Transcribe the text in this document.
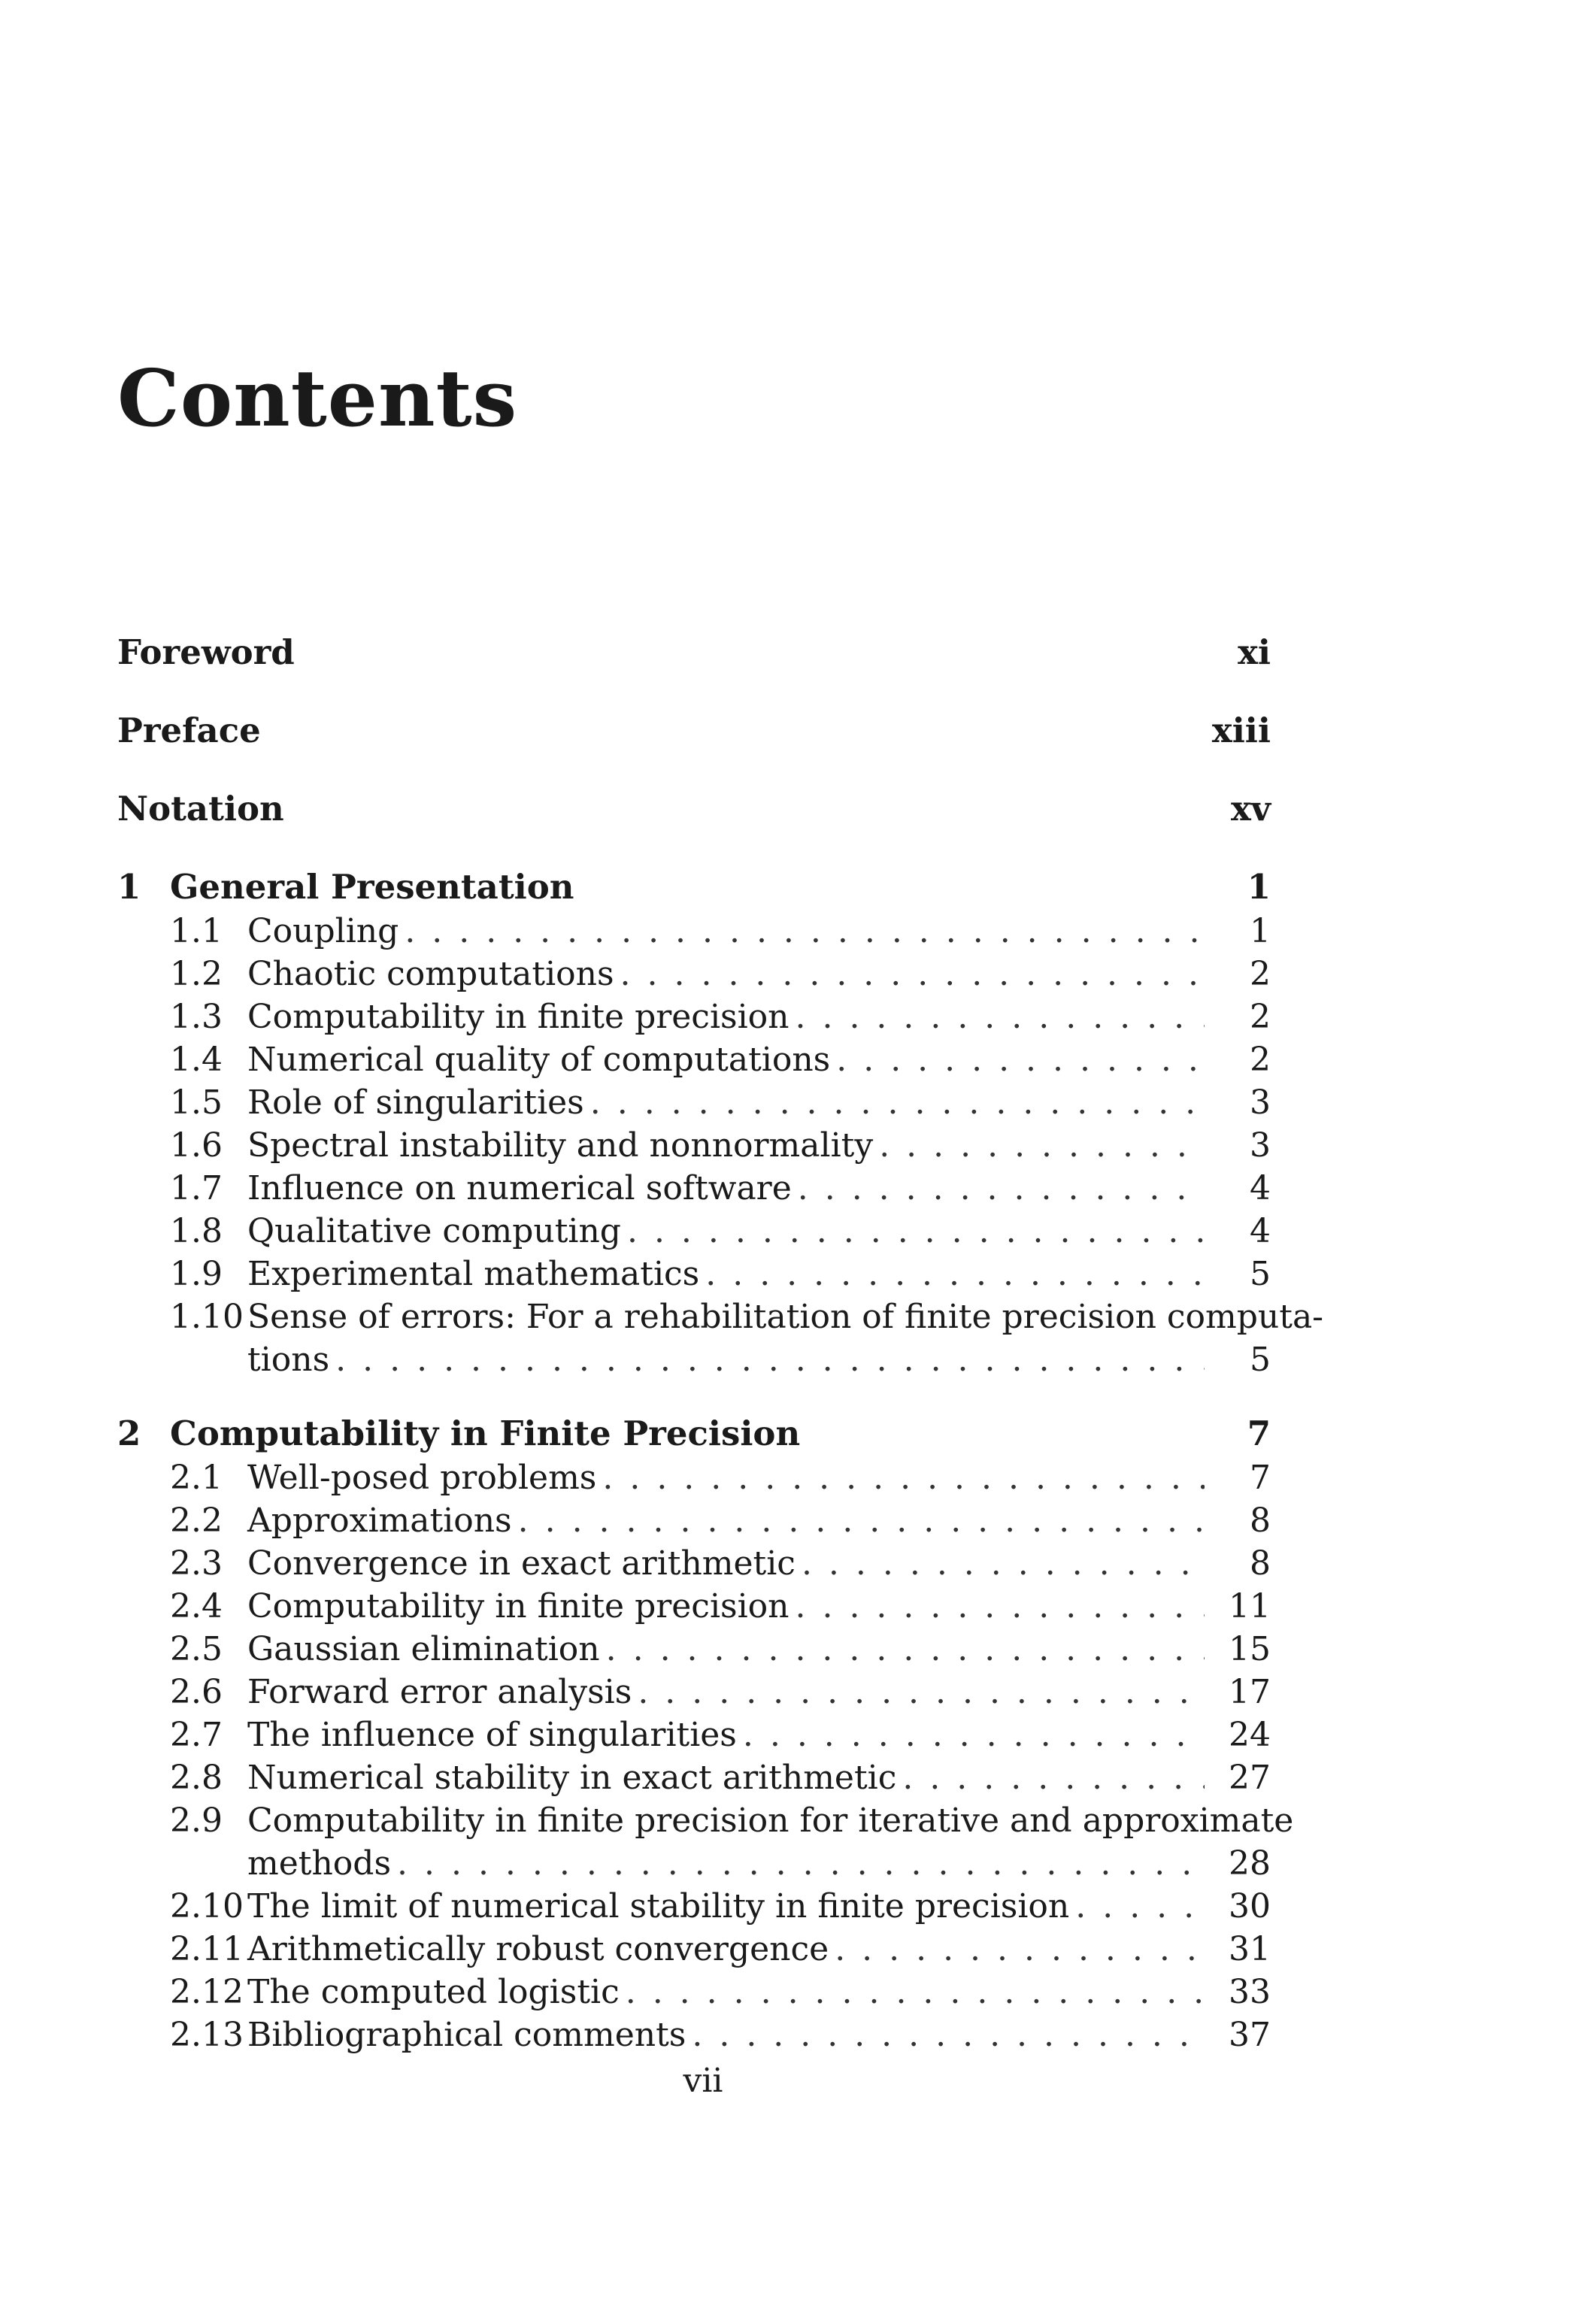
Contents
Foreword	xi
Preface	xiii
Notation	xv
1 General Presentation	1
1.1 Coupling . . .	1
1.2 Chaotic computations . . .	2
1.3 Computability in finite precision . . .	2
1.4 Numerical quality of computations . . .	2
1.5 Role of singularities . . .	3
1.6 Spectral instability and nonnormality . . .	3
1.7 Influence on numerical software . . .	4
1.8 Qualitative computing . . .	4
1.9 Experimental mathematics . . .	5
1.10 Sense of errors: For a rehabilitation of finite precision computa-
tions . . .	5
2 Computability in Finite Precision	7
2.1 Well-posed problems . . .	7
2.2 Approximations . . .	8
2.3 Convergence in exact arithmetic . . .	8
2.4 Computability in finite precision . . .	11
2.5 Gaussian elimination . . .	15
2.6 Forward error analysis . . .	17
2.7 The influence of singularities . . .	24
2.8 Numerical stability in exact arithmetic . . .	27
2.9 Computability in finite precision for iterative and approximate
methods . . .	28
2.10 The limit of numerical stability in finite precision . . .	30
2.11 Arithmetically robust convergence . . .	31
2.12 The computed logistic . . .	33
2.13 Bibliographical comments . . .	37
vii
